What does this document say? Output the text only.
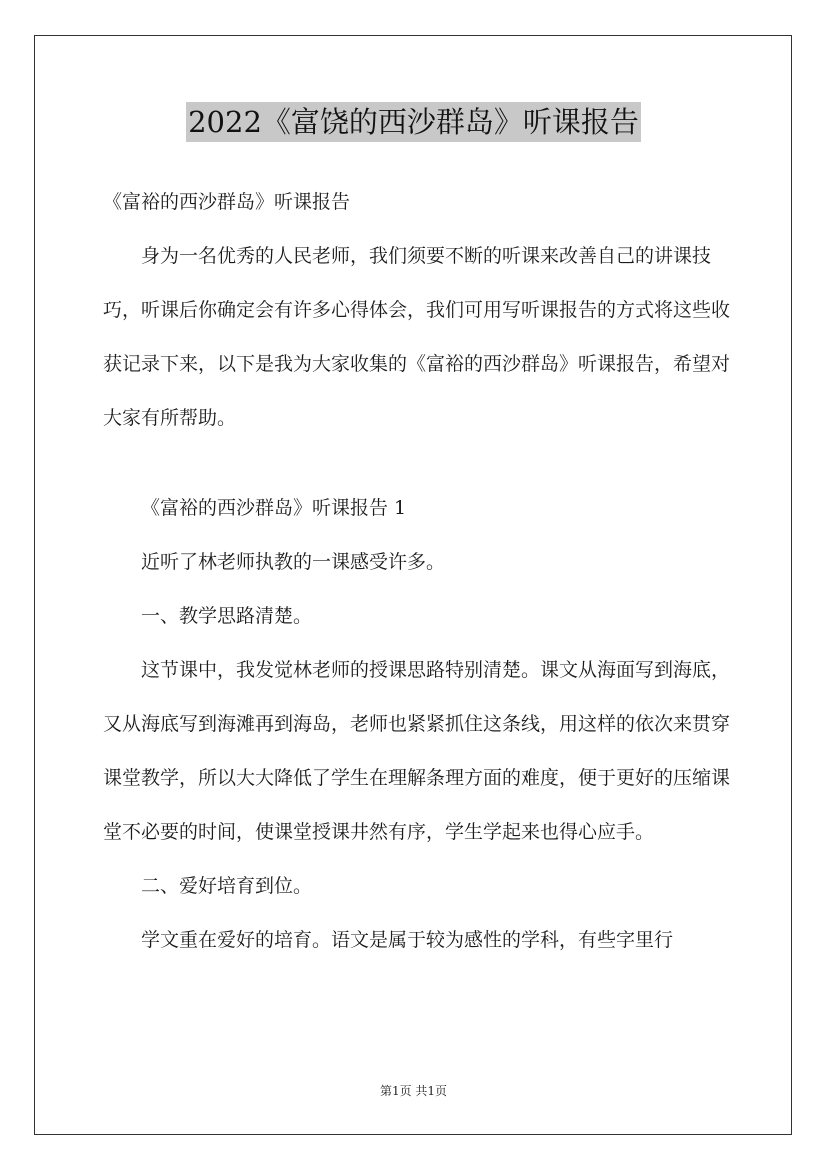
2022《富饶的西沙群岛》听课报告

《富裕的西沙群岛》听课报告

身为一名优秀的人民老师，我们须要不断的听课来改善自己的讲课技巧，听课后你确定会有许多心得体会，我们可用写听课报告的方式将这些收获记录下来，以下是我为大家收集的《富裕的西沙群岛》听课报告，希望对大家有所帮助。

《富裕的西沙群岛》听课报告 1

近听了林老师执教的一课感受许多。

一、教学思路清楚。

这节课中，我发觉林老师的授课思路特别清楚。课文从海面写到海底，又从海底写到海滩再到海岛，老师也紧紧抓住这条线，用这样的依次来贯穿课堂教学，所以大大降低了学生在理解条理方面的难度，便于更好的压缩课堂不必要的时间，使课堂授课井然有序，学生学起来也得心应手。

二、爱好培育到位。

学文重在爱好的培育。语文是属于较为感性的学科，有些字里行

第1页 共1页
